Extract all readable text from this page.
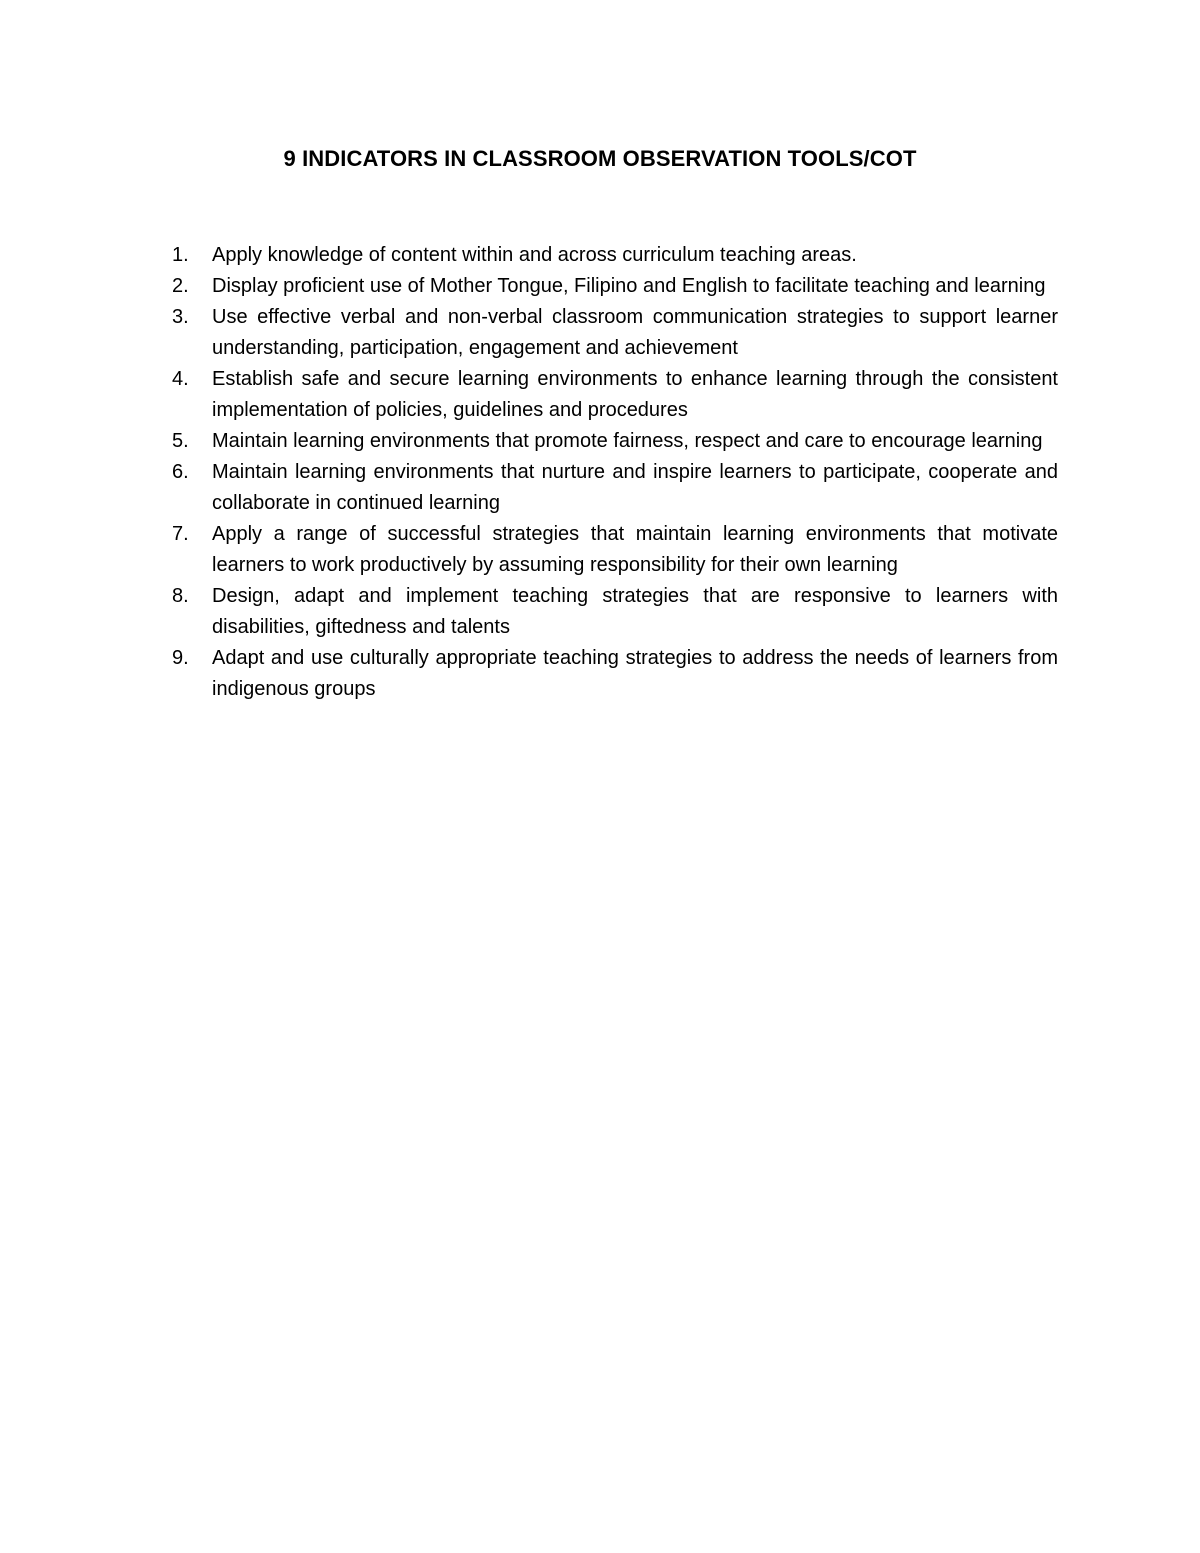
9 INDICATORS IN CLASSROOM OBSERVATION TOOLS/COT
1.	Apply knowledge of content within and across curriculum teaching areas.
2.	Display proficient use of Mother Tongue, Filipino and English to facilitate teaching and learning
3.	Use effective verbal and non-verbal classroom communication strategies to support learner understanding, participation, engagement and achievement
4.	Establish safe and secure learning environments to enhance learning through the consistent implementation of policies, guidelines and procedures
5.	Maintain learning environments that promote fairness, respect and care to encourage learning
6.	Maintain learning environments that nurture and inspire learners to participate, cooperate and collaborate in continued learning
7.	Apply a range of successful strategies that maintain learning environments that motivate learners to work productively by assuming responsibility for their own learning
8.	Design, adapt and implement teaching strategies that are responsive to learners with disabilities, giftedness and talents
9.	Adapt and use culturally appropriate teaching strategies to address the needs of learners from indigenous groups
